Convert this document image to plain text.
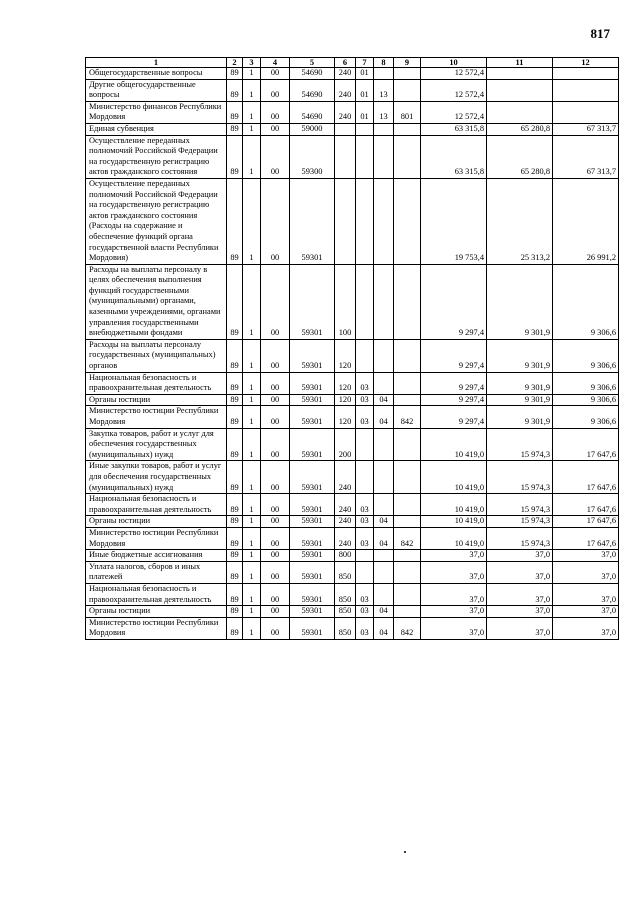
817
1	2	3	4	5	6	7	8	9	10	11	12
Общегосударственные вопросы	89	1	00	54690	240	01			12 572,4		
Другие общегосударственные вопросы	89	1	00	54690	240	01	13		12 572,4		
Министерство финансов Республики Мордовия	89	1	00	54690	240	01	13	801	12 572,4		
Единая субвенция	89	1	00	59000					63 315,8	65 280,8	67 313,7
Осуществление переданных полномочий Российской Федерации на государственную регистрацию актов гражданского состояния	89	1	00	59300					63 315,8	65 280,8	67 313,7
Осуществление переданных полномочий Российской Федерации на государственную регистрацию актов гражданского состояния (Расходы на содержание и обеспечение функций органа государственной власти Республики Мордовия)	89	1	00	59301					19 753,4	25 313,2	26 991,2
Расходы на выплаты персоналу в целях обеспечения выполнения функций государственными (муниципальными) органами, казенными учреждениями, органами управления государственными внебюджетными фондами	89	1	00	59301	100				9 297,4	9 301,9	9 306,6
Расходы на выплаты персоналу государственных (муниципальных) органов	89	1	00	59301	120				9 297,4	9 301,9	9 306,6
Национальная безопасность и правоохранительная деятельность	89	1	00	59301	120	03			9 297,4	9 301,9	9 306,6
Органы юстиции	89	1	00	59301	120	03	04		9 297,4	9 301,9	9 306,6
Министерство юстиции Республики Мордовия	89	1	00	59301	120	03	04	842	9 297,4	9 301,9	9 306,6
Закупка товаров, работ и услуг для обеспечения государственных (муниципальных) нужд	89	1	00	59301	200				10 419,0	15 974,3	17 647,6
Иные закупки товаров, работ и услуг для обеспечения государственных (муниципальных) нужд	89	1	00	59301	240				10 419,0	15 974,3	17 647,6
Национальная безопасность и правоохранительная деятельность	89	1	00	59301	240	03			10 419,0	15 974,3	17 647,6
Органы юстиции	89	1	00	59301	240	03	04		10 419,0	15 974,3	17 647,6
Министерство юстиции Республики Мордовия	89	1	00	59301	240	03	04	842	10 419,0	15 974,3	17 647,6
Иные бюджетные ассигнования	89	1	00	59301	800				37,0	37,0	37,0
Уплата налогов, сборов и иных платежей	89	1	00	59301	850				37,0	37,0	37,0
Национальная безопасность и правоохранительная деятельность	89	1	00	59301	850	03			37,0	37,0	37,0
Органы юстиции	89	1	00	59301	850	03	04		37,0	37,0	37,0
Министерство юстиции Республики Мордовия	89	1	00	59301	850	03	04	842	37,0	37,0	37,0
